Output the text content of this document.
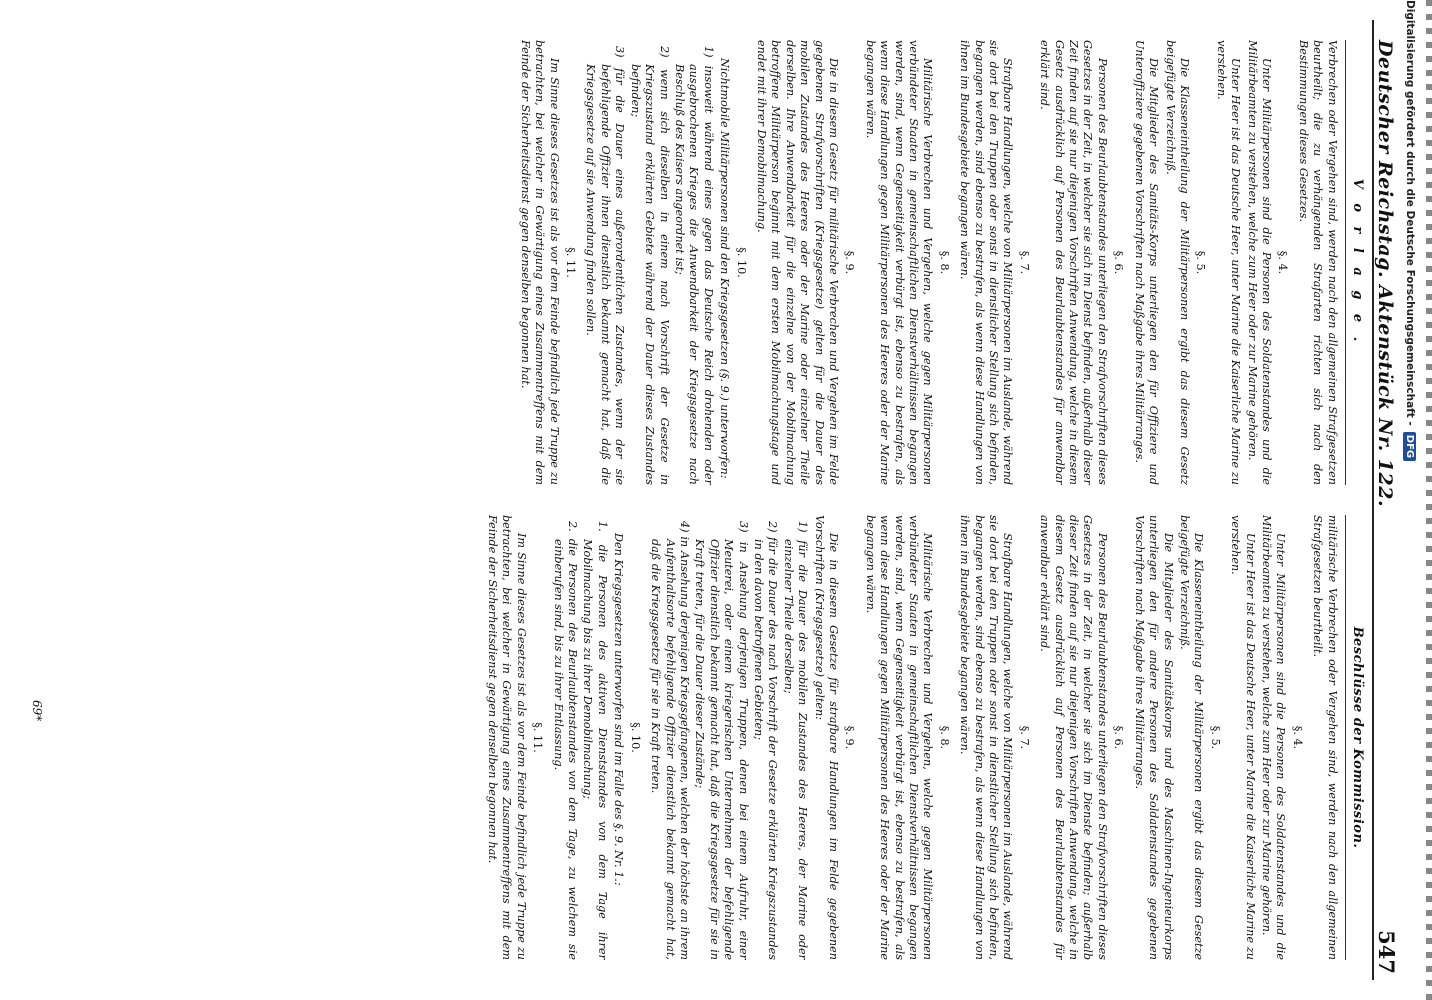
Deutscher Reichstag. Aktenstück Nr. 122.
547
V o r l a g e .

Verbrechen oder Vergehen sind, werden nach den allgemeinen Strafgesetzen beurtheilt; die zu verhängenden Strafarten richten sich nach den Bestimmungen dieses Gesetzes.

§. 4.

Unter Militärpersonen sind die Personen des Soldatenstandes und die Militärbeamten zu verstehen, welche zum Heer oder zur Marine gehören.

Unter Heer ist das Deutsche Heer, unter Marine die Kaiserliche Marine zu verstehen.

§. 5.

Die Klasseneintheilung der Militärpersonen ergibt das diesem Gesetz beigefügte Verzeichniß.

Die Mitglieder des Sanitäts-Korps unterliegen den für Offiziere und Unteroffiziere gegebenen Vorschriften nach Maßgabe ihres Militärranges.

§. 6.

Personen des Beurlaubtenstandes unterliegen den Strafvorschriften dieses Gesetzes in der Zeit, in welcher sie sich im Dienst befinden, außerhalb dieser Zeit finden auf sie nur diejenigen Vorschriften Anwendung, welche in diesem Gesetz ausdrücklich auf Personen des Beurlaubtenstandes für anwendbar erklärt sind.

§. 7.

Strafbare Handlungen, welche von Militärpersonen im Auslande, während sie dort bei den Truppen oder sonst in dienstlicher Stellung sich befinden, begangen werden, sind ebenso zu bestrafen, als wenn diese Handlungen von ihnen im Bundesgebiete begangen wären.

§. 8.

Militärische Verbrechen und Vergehen, welche gegen Militärpersonen verbündeter Staaten in gemeinschaftlichen Dienstverhältnissen begangen werden, sind, wenn Gegenseitigkeit verbürgt ist, ebenso zu bestrafen, als wenn diese Handlungen gegen Militärpersonen des Heeres oder der Marine begangen wären.

§. 9.

Die in diesem Gesetz für militärische Verbrechen und Vergehen im Felde gegebenen Strafvorschriften (Kriegsgesetze) gelten für die Dauer des mobilen Zustandes des Heeres oder der Marine oder einzelner Theile derselben. Ihre Anwendbarkeit für die einzelne von der Mobilmachung betroffene Militärperson beginnt mit dem ersten Mobilmachungstage und endet mit ihrer Demobilmachung.

§. 10.

Nichtmobile Militärpersonen sind den Kriegsgesetzen (§. 9.) unterworfen:

1) insoweit während eines gegen das Deutsche Reich drohenden oder ausgebrochenen Krieges die Anwendbarkeit der Kriegsgesetze nach Beschluß des Kaisers angeordnet ist;
2) wenn sich dieselben in einem nach Vorschrift der Gesetze in Kriegszustand erklärten Gebiete während der Dauer dieses Zustandes befinden;
3) für die Dauer eines außerordentlichen Zustandes, wenn der sie befehligende Offizier ihnen dienstlich bekannt gemacht hat, daß die Kriegsgesetze auf sie Anwendung finden sollen.
§. 11.

Im Sinne dieses Gesetzes ist als vor dem Feinde befindlich jede Truppe zu betrachten, bei welcher in Gewärtigung eines Zusammentreffens mit dem Feinde der Sicherheitsdienst gegen denselben begonnen hat.

Beschlüsse der Kommission.

militärische Verbrechen oder Vergehen sind, werden nach den allgemeinen Strafgesetzen beurtheilt.

§. 4.

Unter Militärpersonen sind die Personen des Soldatenstandes und die Militärbeamten zu verstehen, welche zum Heer oder zur Marine gehören.

Unter Heer ist das Deutsche Heer, unter Marine die Kaiserliche Marine zu verstehen.

§. 5.

Die Klasseneintheilung der Militärpersonen ergibt das diesem Gesetze beigefügte Verzeichniß.

Die Mitglieder des Sanitätskorps und des Maschinen-Ingenieurkorps unterliegen den für andere Personen des Soldatenstandes gegebenen Vorschriften nach Maßgabe ihres Militärranges.

§. 6.

Personen des Beurlaubtenstandes unterliegen den Strafvorschriften dieses Gesetzes in der Zeit, in welcher sie sich im Dienste befinden; außerhalb dieser Zeit finden auf sie nur diejenigen Vorschriften Anwendung, welche in diesem Gesetz ausdrücklich auf Personen des Beurlaubtenstandes für anwendbar erklärt sind.

§. 7.

Strafbare Handlungen, welche von Militärpersonen im Auslande, während sie dort bei den Truppen oder sonst in dienstlicher Stellung sich befinden, begangen werden, sind ebenso zu bestrafen, als wenn diese Handlungen von ihnen im Bundesgebiete begangen wären.

§. 8.

Militärische Verbrechen und Vergehen, welche gegen Militärpersonen verbündeter Staaten in gemeinschaftlichen Dienstverhältnissen begangen werden, sind, wenn Gegenseitigkeit verbürgt ist, ebenso zu bestrafen, als wenn diese Handlungen gegen Militärpersonen des Heeres oder der Marine begangen wären.

§. 9.

Die in diesem Gesetze für strafbare Handlungen im Felde gegebenen Vorschriften (Kriegsgesetze) gelten:

1) für die Dauer des mobilen Zustandes des Heeres, der Marine oder einzelner Theile derselben;
2) für die Dauer des nach Vorschrift der Gesetze erklärten Kriegszustandes in den davon betroffenen Gebieten;
3) in Ansehung derjenigen Truppen, denen bei einem Aufruhr, einer Meuterei, oder einem kriegerischen Unternehmen der befehligende Offizier dienstlich bekannt gemacht hat, daß die Kriegsgesetze für sie in Kraft treten, für die Dauer dieser Zustände;
4) in Ansehung derjenigen Kriegsgefangenen, welchen der höchste an ihrem Aufenthaltsorte befehligende Offizier dienstlich bekannt gemacht hat, daß die Kriegsgesetze für sie in Kraft treten.
§. 10.

Den Kriegsgesetzen unterworfen sind im Falle des §. 9. Nr. 1.:

1. die Personen des aktiven Dienststandes von dem Tage ihrer Mobilmachung bis zu ihrer Demobilmachung;
2. die Personen des Beurlaubtenstandes von dem Tage, zu welchem sie einberufen sind, bis zu ihrer Entlassung.
§. 11.

Im Sinne dieses Gesetzes ist als vor dem Feinde befindlich jede Truppe zu betrachten, bei welcher in Gewärtigung eines Zusammentreffens mit dem Feinde der Sicherheitsdienst gegen denselben begonnen hat.

69*
Digitalisierung gefördert durch die Deutsche Forschungsgemeinschaft -
DFG
